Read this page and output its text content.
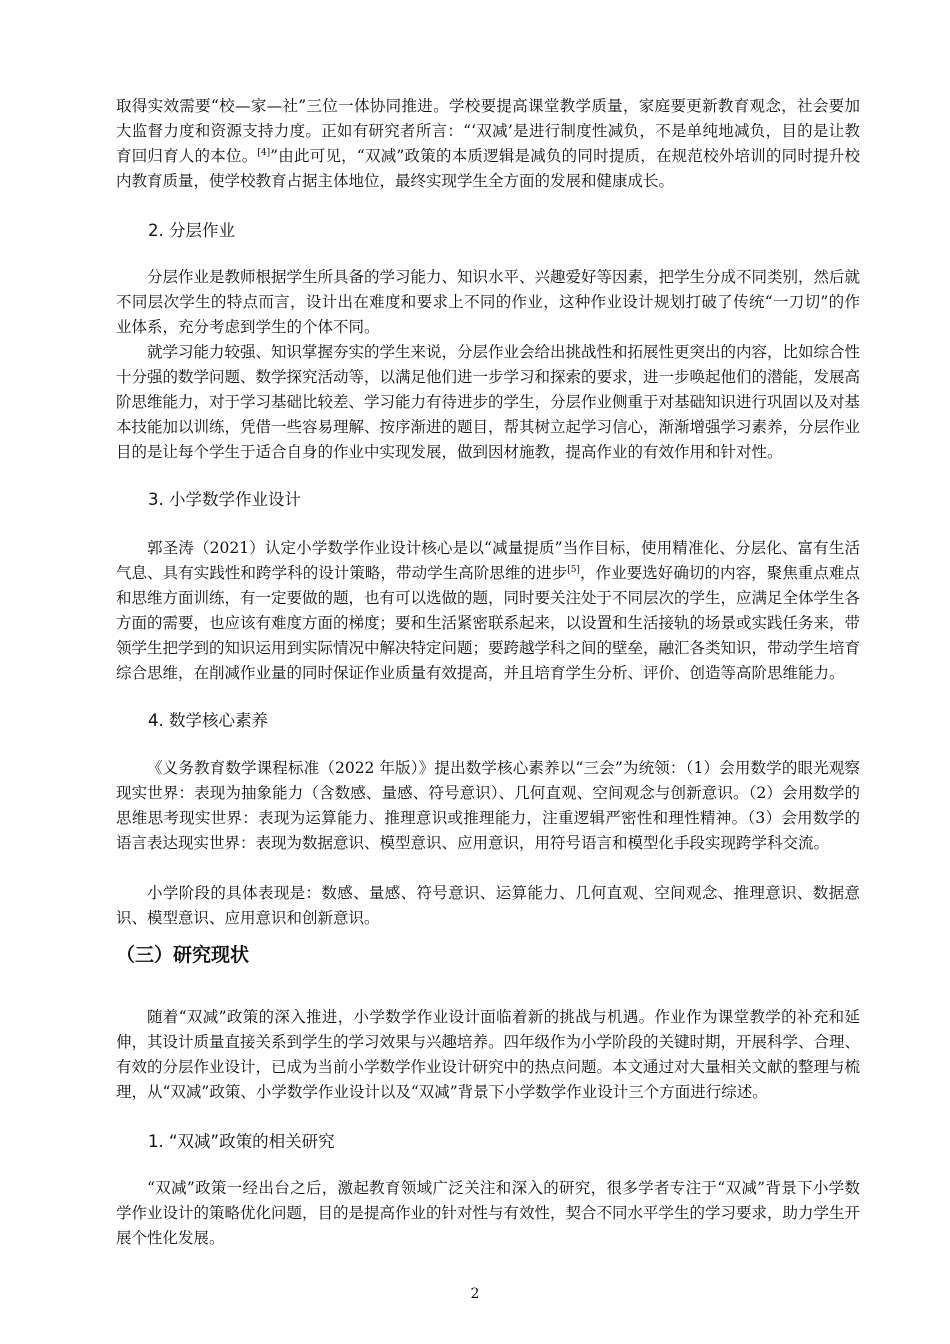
取得实效需要“校—家—社”三位一体协同推进。学校要提高课堂教学质量，家庭要更新教育观念，社会要加大监督力度和资源支持力度。正如有研究者所言：“‘双减’是进行制度性减负，不是单纯地减负，目的是让教育回归育人的本位。[4]”由此可见，“双减”政策的本质逻辑是减负的同时提质，在规范校外培训的同时提升校内教育质量，使学校教育占据主体地位，最终实现学生全方面的发展和健康成长。

2. 分层作业

分层作业是教师根据学生所具备的学习能力、知识水平、兴趣爱好等因素，把学生分成不同类别，然后就不同层次学生的特点而言，设计出在难度和要求上不同的作业，这种作业设计规划打破了传统“一刀切”的作业体系，充分考虑到学生的个体不同。

就学习能力较强、知识掌握夯实的学生来说，分层作业会给出挑战性和拓展性更突出的内容，比如综合性十分强的数学问题、数学探究活动等，以满足他们进一步学习和探索的要求，进一步唤起他们的潜能，发展高阶思维能力，对于学习基础比较差、学习能力有待进步的学生，分层作业侧重于对基础知识进行巩固以及对基本技能加以训练，凭借一些容易理解、按序渐进的题目，帮其树立起学习信心，渐渐增强学习素养，分层作业目的是让每个学生于适合自身的作业中实现发展，做到因材施教，提高作业的有效作用和针对性。

3. 小学数学作业设计

郭圣涛（2021）认定小学数学作业设计核心是以“减量提质”当作目标，使用精准化、分层化、富有生活气息、具有实践性和跨学科的设计策略，带动学生高阶思维的进步[5]，作业要选好确切的内容，聚焦重点难点和思维方面训练，有一定要做的题，也有可以选做的题，同时要关注处于不同层次的学生，应满足全体学生各方面的需要，也应该有难度方面的梯度；要和生活紧密联系起来，以设置和生活接轨的场景或实践任务来，带领学生把学到的知识运用到实际情况中解决特定问题；要跨越学科之间的壁垒，融汇各类知识，带动学生培育综合思维，在削减作业量的同时保证作业质量有效提高，并且培育学生分析、评价、创造等高阶思维能力。

4. 数学核心素养

《义务教育数学课程标准（2022 年版）》提出数学核心素养以“三会”为统领：（1）会用数学的眼光观察现实世界：表现为抽象能力（含数感、量感、符号意识）、几何直观、空间观念与创新意识。（2）会用数学的思维思考现实世界：表现为运算能力、推理意识或推理能力，注重逻辑严密性和理性精神。（3）会用数学的语言表达现实世界：表现为数据意识、模型意识、应用意识，用符号语言和模型化手段实现跨学科交流。

小学阶段的具体表现是：数感、量感、符号意识、运算能力、几何直观、空间观念、推理意识、数据意识、模型意识、应用意识和创新意识。

（三）研究现状

随着“双减”政策的深入推进，小学数学作业设计面临着新的挑战与机遇。作业作为课堂教学的补充和延伸，其设计质量直接关系到学生的学习效果与兴趣培养。四年级作为小学阶段的关键时期，开展科学、合理、有效的分层作业设计，已成为当前小学数学作业设计研究中的热点问题。本文通过对大量相关文献的整理与梳理，从“双减”政策、小学数学作业设计以及“双减”背景下小学数学作业设计三个方面进行综述。

1. “双减”政策的相关研究

“双减”政策一经出台之后，激起教育领域广泛关注和深入的研究，很多学者专注于“双减”背景下小学数学作业设计的策略优化问题，目的是提高作业的针对性与有效性，契合不同水平学生的学习要求，助力学生开展个性化发展。

2
